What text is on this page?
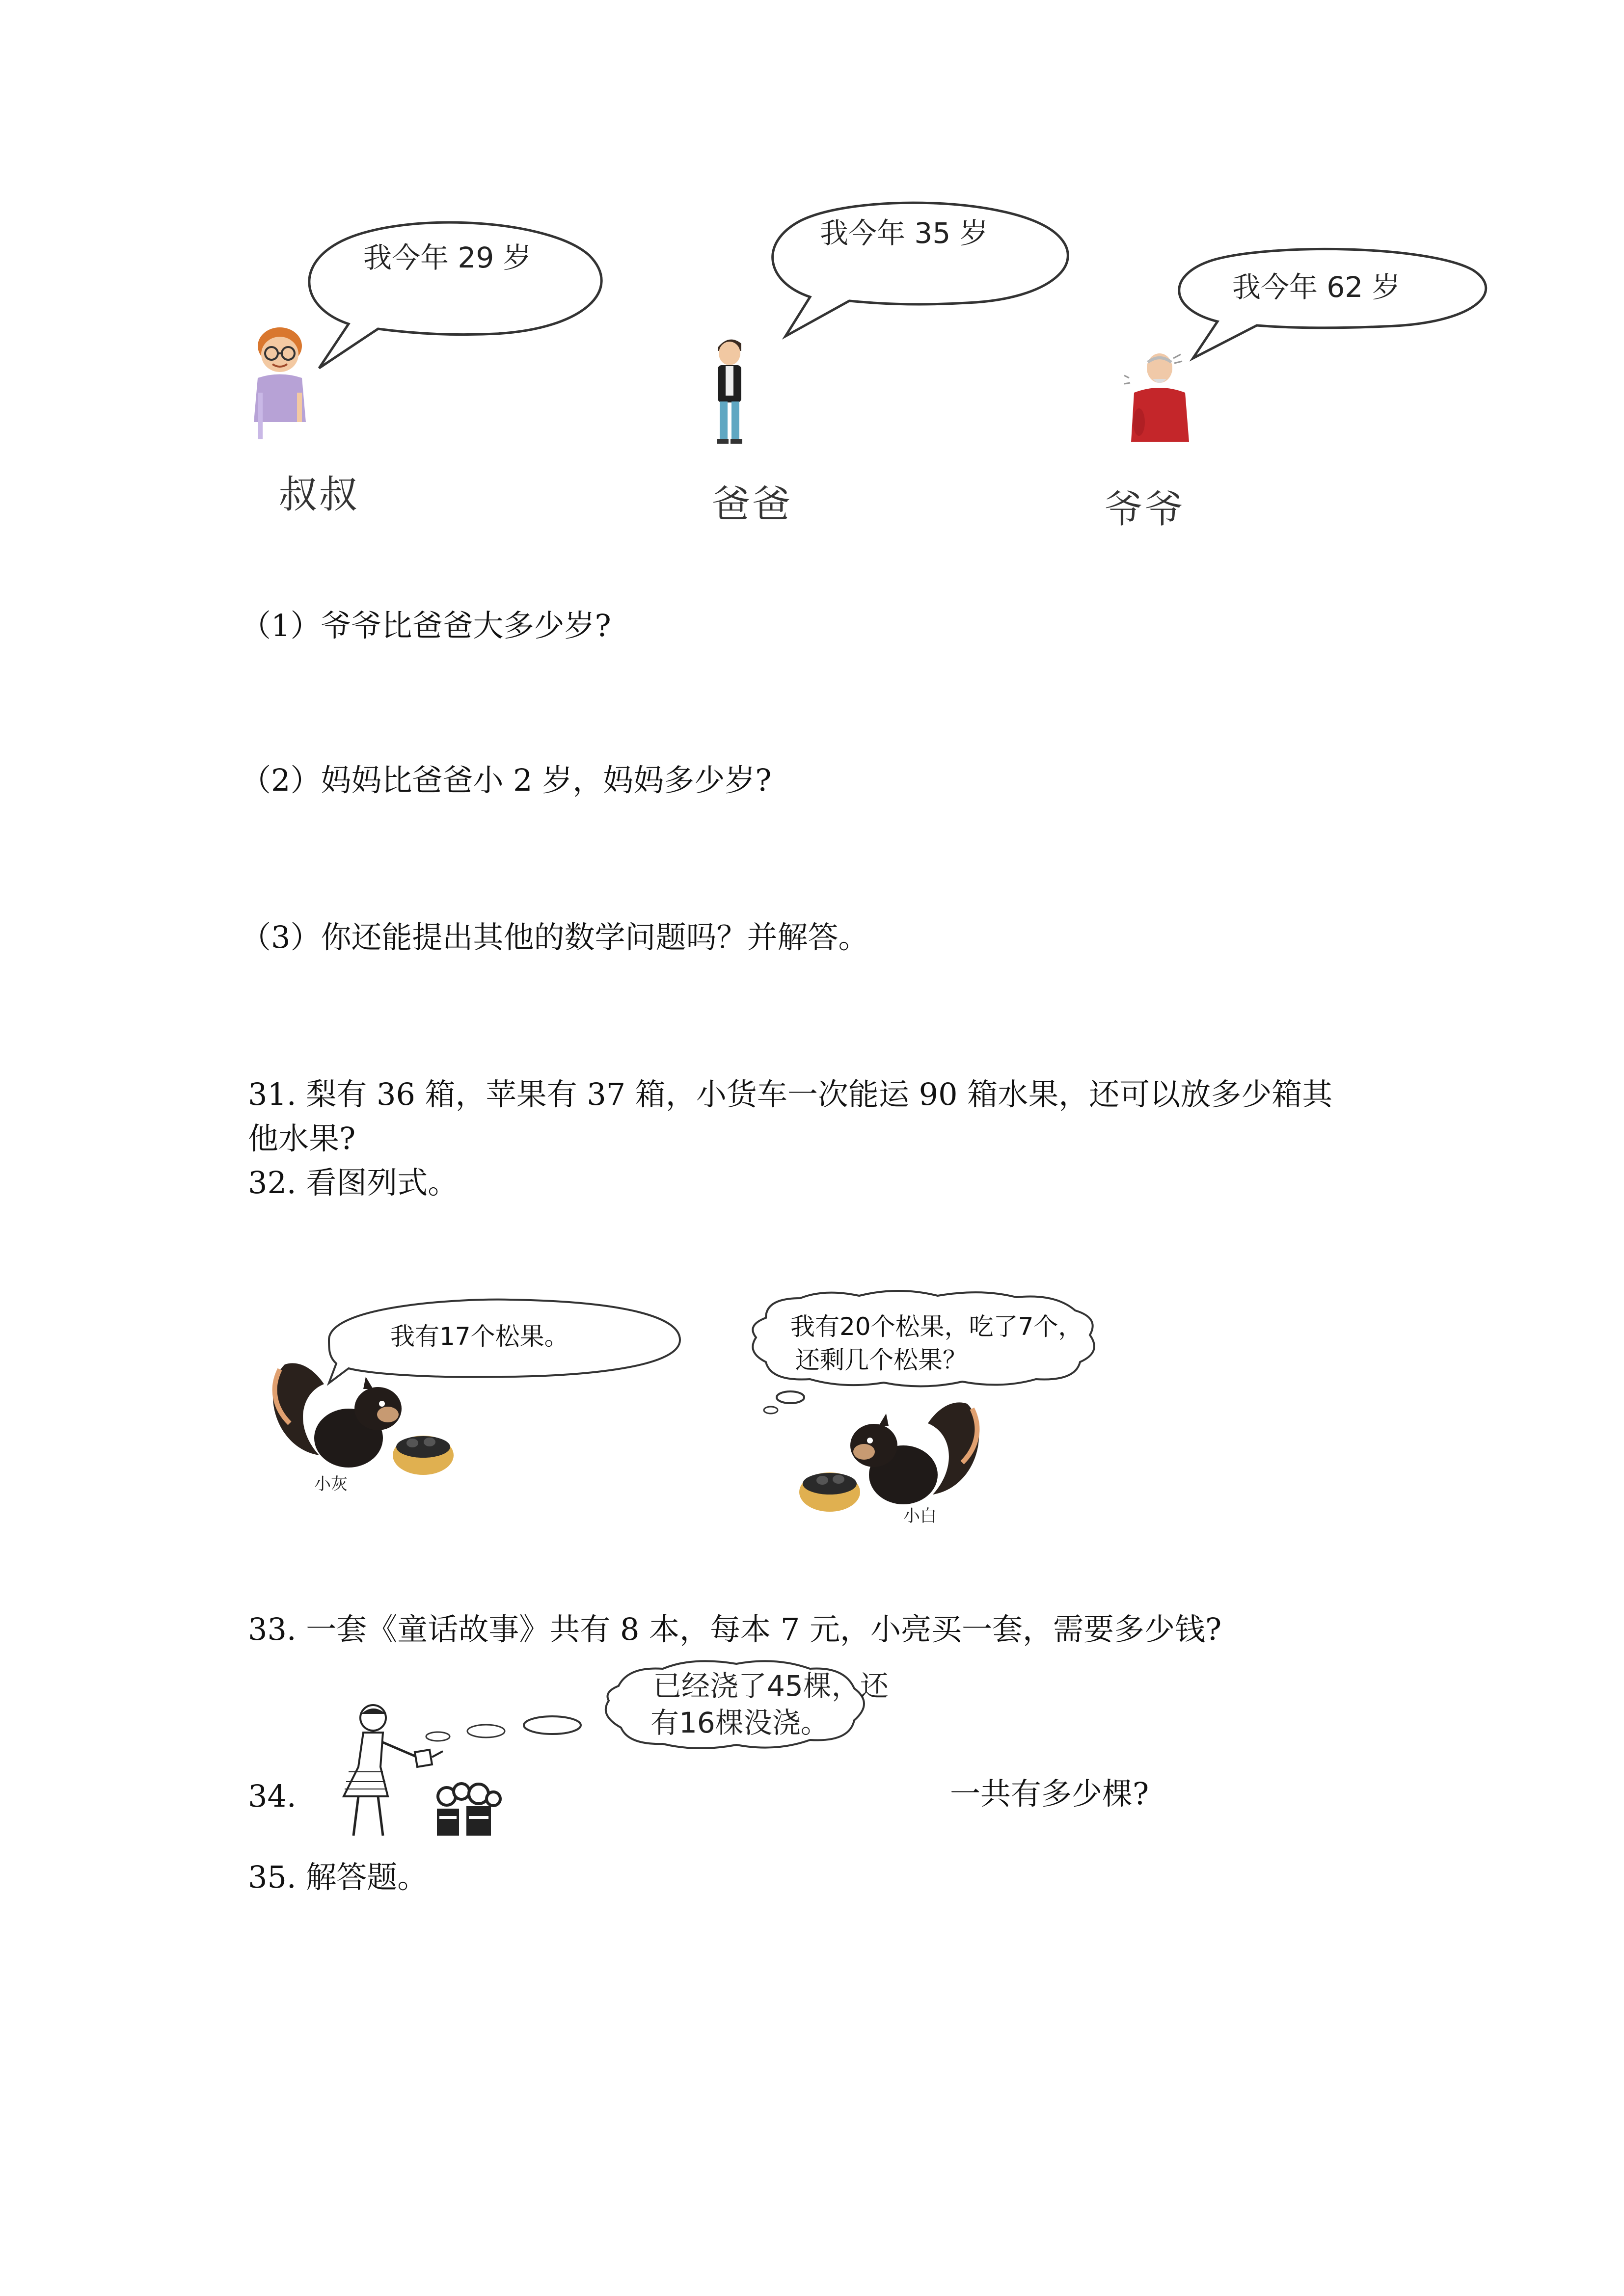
我今年 29 岁
我今年 35 岁
我今年 62 岁
叔叔	爸爸	爷爷
（1）爷爷比爸爸大多少岁?
（2）妈妈比爸爸小 2 岁，妈妈多少岁?
（3）你还能提出其他的数学问题吗？并解答。
31. 梨有 36 箱，苹果有 37 箱，小货车一次能运 90 箱水果，还可以放多少箱其
他水果?
32. 看图列式。
我有17个松果。
小灰
我有20个松果，吃了7个，
还剩几个松果？
小白
33. 一套《童话故事》共有 8 本，每本 7 元，小亮买一套，需要多少钱?
34.
已经浇了45棵，还
有16棵没浇。
一共有多少棵?
35. 解答题。
